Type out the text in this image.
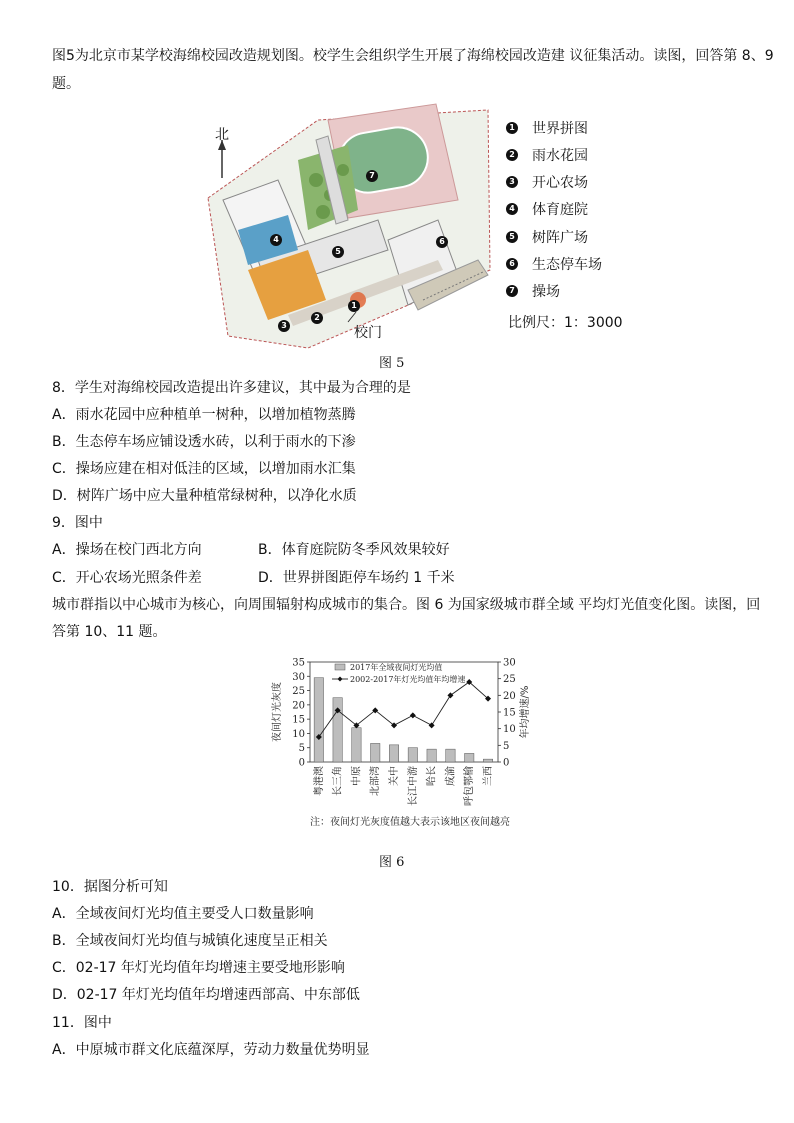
图5为北京市某学校海绵校园改造规划图。校学生会组织学生开展了海绵校园改造建 议征集活动。读图，回答第 8、9
题。
北
校门
1
2
3
4
5
6
7
1 世界拼图
2 雨水花园
3 开心农场
4 体育庭院
5 树阵广场
6 生态停车场
7 操场
比例尺：1：3000
图 5
8．学生对海绵校园改造提出许多建议，其中最为合理的是
A．雨水花园中应种植单一树种，以增加植物蒸腾
B．生态停车场应铺设透水砖，以利于雨水的下渗
C．操场应建在相对低洼的区域，以增加雨水汇集
D．树阵广场中应大量种植常绿树种，以净化水质
9．图中
A．操场在校门西北方向	B．体育庭院防冬季风效果较好
C．开心农场光照条件差	D．世界拼图距停车场约 1 千米
城市群指以中心城市为核心，向周围辐射构成城市的集合。图 6 为国家级城市群全域 平均灯光值变化图。读图，回
答第 10、11 题。
0
5
10
15
20
25
30
35
0
5
10
15
20
25
30
夜间灯光灰度	年均增速/%
粤港澳 长三角 中原 北部湾 关中 长江中游 哈长 成渝 呼包鄂榆 兰西
2017年全域夜间灯光均值
2002-2017年灯光均值年均增速
注：夜间灯光灰度值越大表示该地区夜间越亮
图 6
10．据图分析可知
A．全域夜间灯光均值主要受人口数量影响
B．全域夜间灯光均值与城镇化速度呈正相关
C．02-17 年灯光均值年均增速主要受地形影响
D．02-17 年灯光均值年均增速西部高、中东部低
11．图中
A．中原城市群文化底蕴深厚，劳动力数量优势明显
